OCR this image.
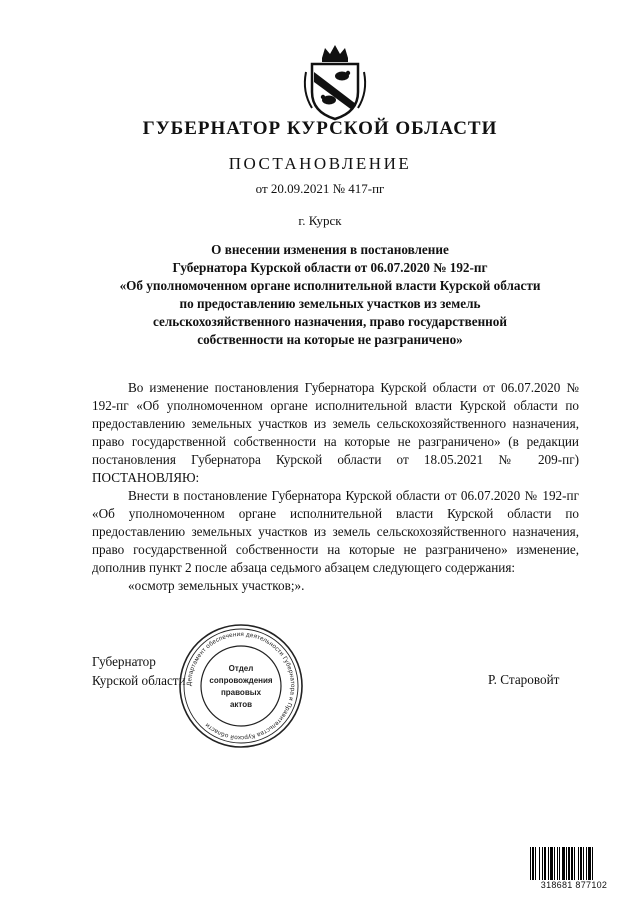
ГУБЕРНАТОР КУРСКОЙ ОБЛАСТИ
ПОСТАНОВЛЕНИЕ
от 20.09.2021 № 417-пг
г. Курск
О внесении изменения в постановление
Губернатора Курской области от 06.07.2020 № 192-пг
«Об уполномоченном органе исполнительной власти Курской области
по предоставлению земельных участков из земель
сельскохозяйственного назначения, право государственной
собственности на которые не разграничено»

Во изменение постановления Губернатора Курской области от 06.07.2020 № 192-пг «Об уполномоченном органе исполнительной власти Курской области по предоставлению земельных участков из земель сельскохозяйственного назначения, право государственной собственности на которые не разграничено» (в редакции постановления Губернатора Курской области от 18.05.2021 № 209-пг) ПОСТАНОВЛЯЮ:

Внести в постановление Губернатора Курской области от 06.07.2020 № 192-пг «Об уполномоченном органе исполнительной власти Курской области по предоставлению земельных участков из земель сельскохозяйственного назначения, право государственной собственности на которые не разграничено» изменение, дополнив пункт 2 после абзаца седьмого абзацем следующего содержания:

«осмотр земельных участков;».

Губернатор
Курской области	Р. Старовойт
Департамент обеспечения деятельности Губернатора и Правительства Курской области
Отдел
сопровождения
правовых
актов
318681 877102
